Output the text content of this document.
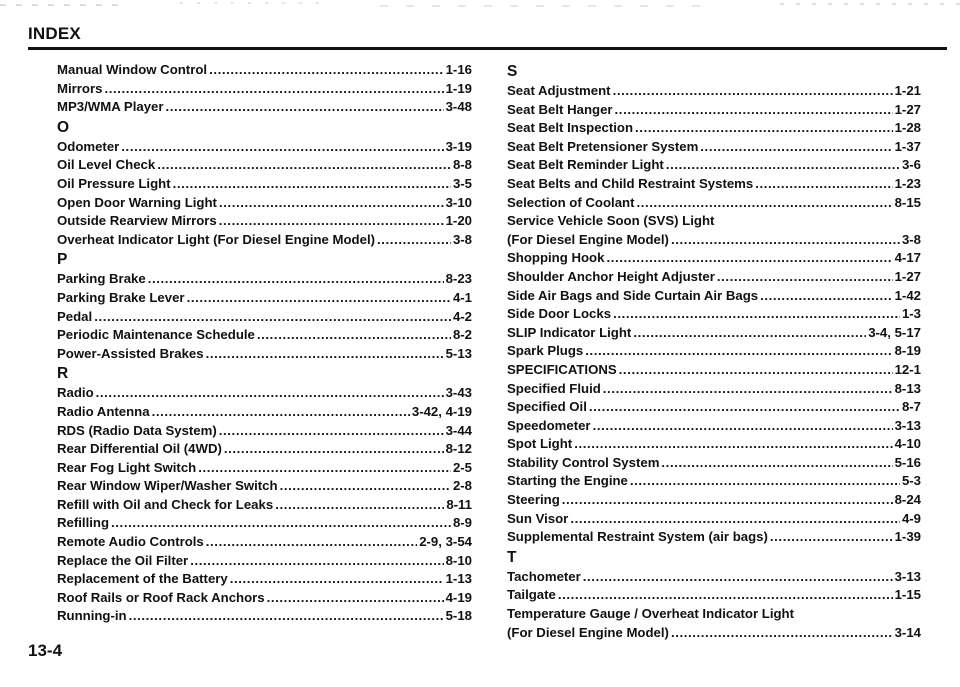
INDEX
Manual Window Control .....	1-16
Mirrors .....	1-19
MP3/WMA Player .....	3-48
O
Odometer .....	3-19
Oil Level Check .....	8-8
Oil Pressure Light .....	3-5
Open Door Warning Light .....	3-10
Outside Rearview Mirrors .....	1-20
Overheat Indicator Light (For Diesel Engine Model) .....	3-8
P
Parking Brake .....	8-23
Parking Brake Lever .....	4-1
Pedal .....	4-2
Periodic Maintenance Schedule .....	8-2
Power-Assisted Brakes .....	5-13
R
Radio .....	3-43
Radio Antenna .....	3-42, 4-19
RDS (Radio Data System) .....	3-44
Rear Differential Oil (4WD) .....	8-12
Rear Fog Light Switch .....	2-5
Rear Window Wiper/Washer Switch .....	2-8
Refill with Oil and Check for Leaks .....	8-11
Refilling .....	8-9
Remote Audio Controls .....	2-9, 3-54
Replace the Oil Filter .....	8-10
Replacement of the Battery .....	1-13
Roof Rails or Roof Rack Anchors .....	4-19
Running-in .....	5-18
S
Seat Adjustment .....	1-21
Seat Belt Hanger .....	1-27
Seat Belt Inspection .....	1-28
Seat Belt Pretensioner System .....	1-37
Seat Belt Reminder Light .....	3-6
Seat Belts and Child Restraint Systems .....	1-23
Selection of Coolant .....	8-15
Service Vehicle Soon (SVS) Light
(For Diesel Engine Model) .....	3-8
Shopping Hook .....	4-17
Shoulder Anchor Height Adjuster .....	1-27
Side Air Bags and Side Curtain Air Bags .....	1-42
Side Door Locks .....	1-3
SLIP Indicator Light .....	3-4, 5-17
Spark Plugs .....	8-19
SPECIFICATIONS .....	12-1
Specified Fluid .....	8-13
Specified Oil .....	8-7
Speedometer .....	3-13
Spot Light .....	4-10
Stability Control System .....	5-16
Starting the Engine .....	5-3
Steering .....	8-24
Sun Visor .....	4-9
Supplemental Restraint System (air bags) .....	1-39
T
Tachometer .....	3-13
Tailgate .....	1-15
Temperature Gauge / Overheat Indicator Light
(For Diesel Engine Model) .....	3-14
13-4
